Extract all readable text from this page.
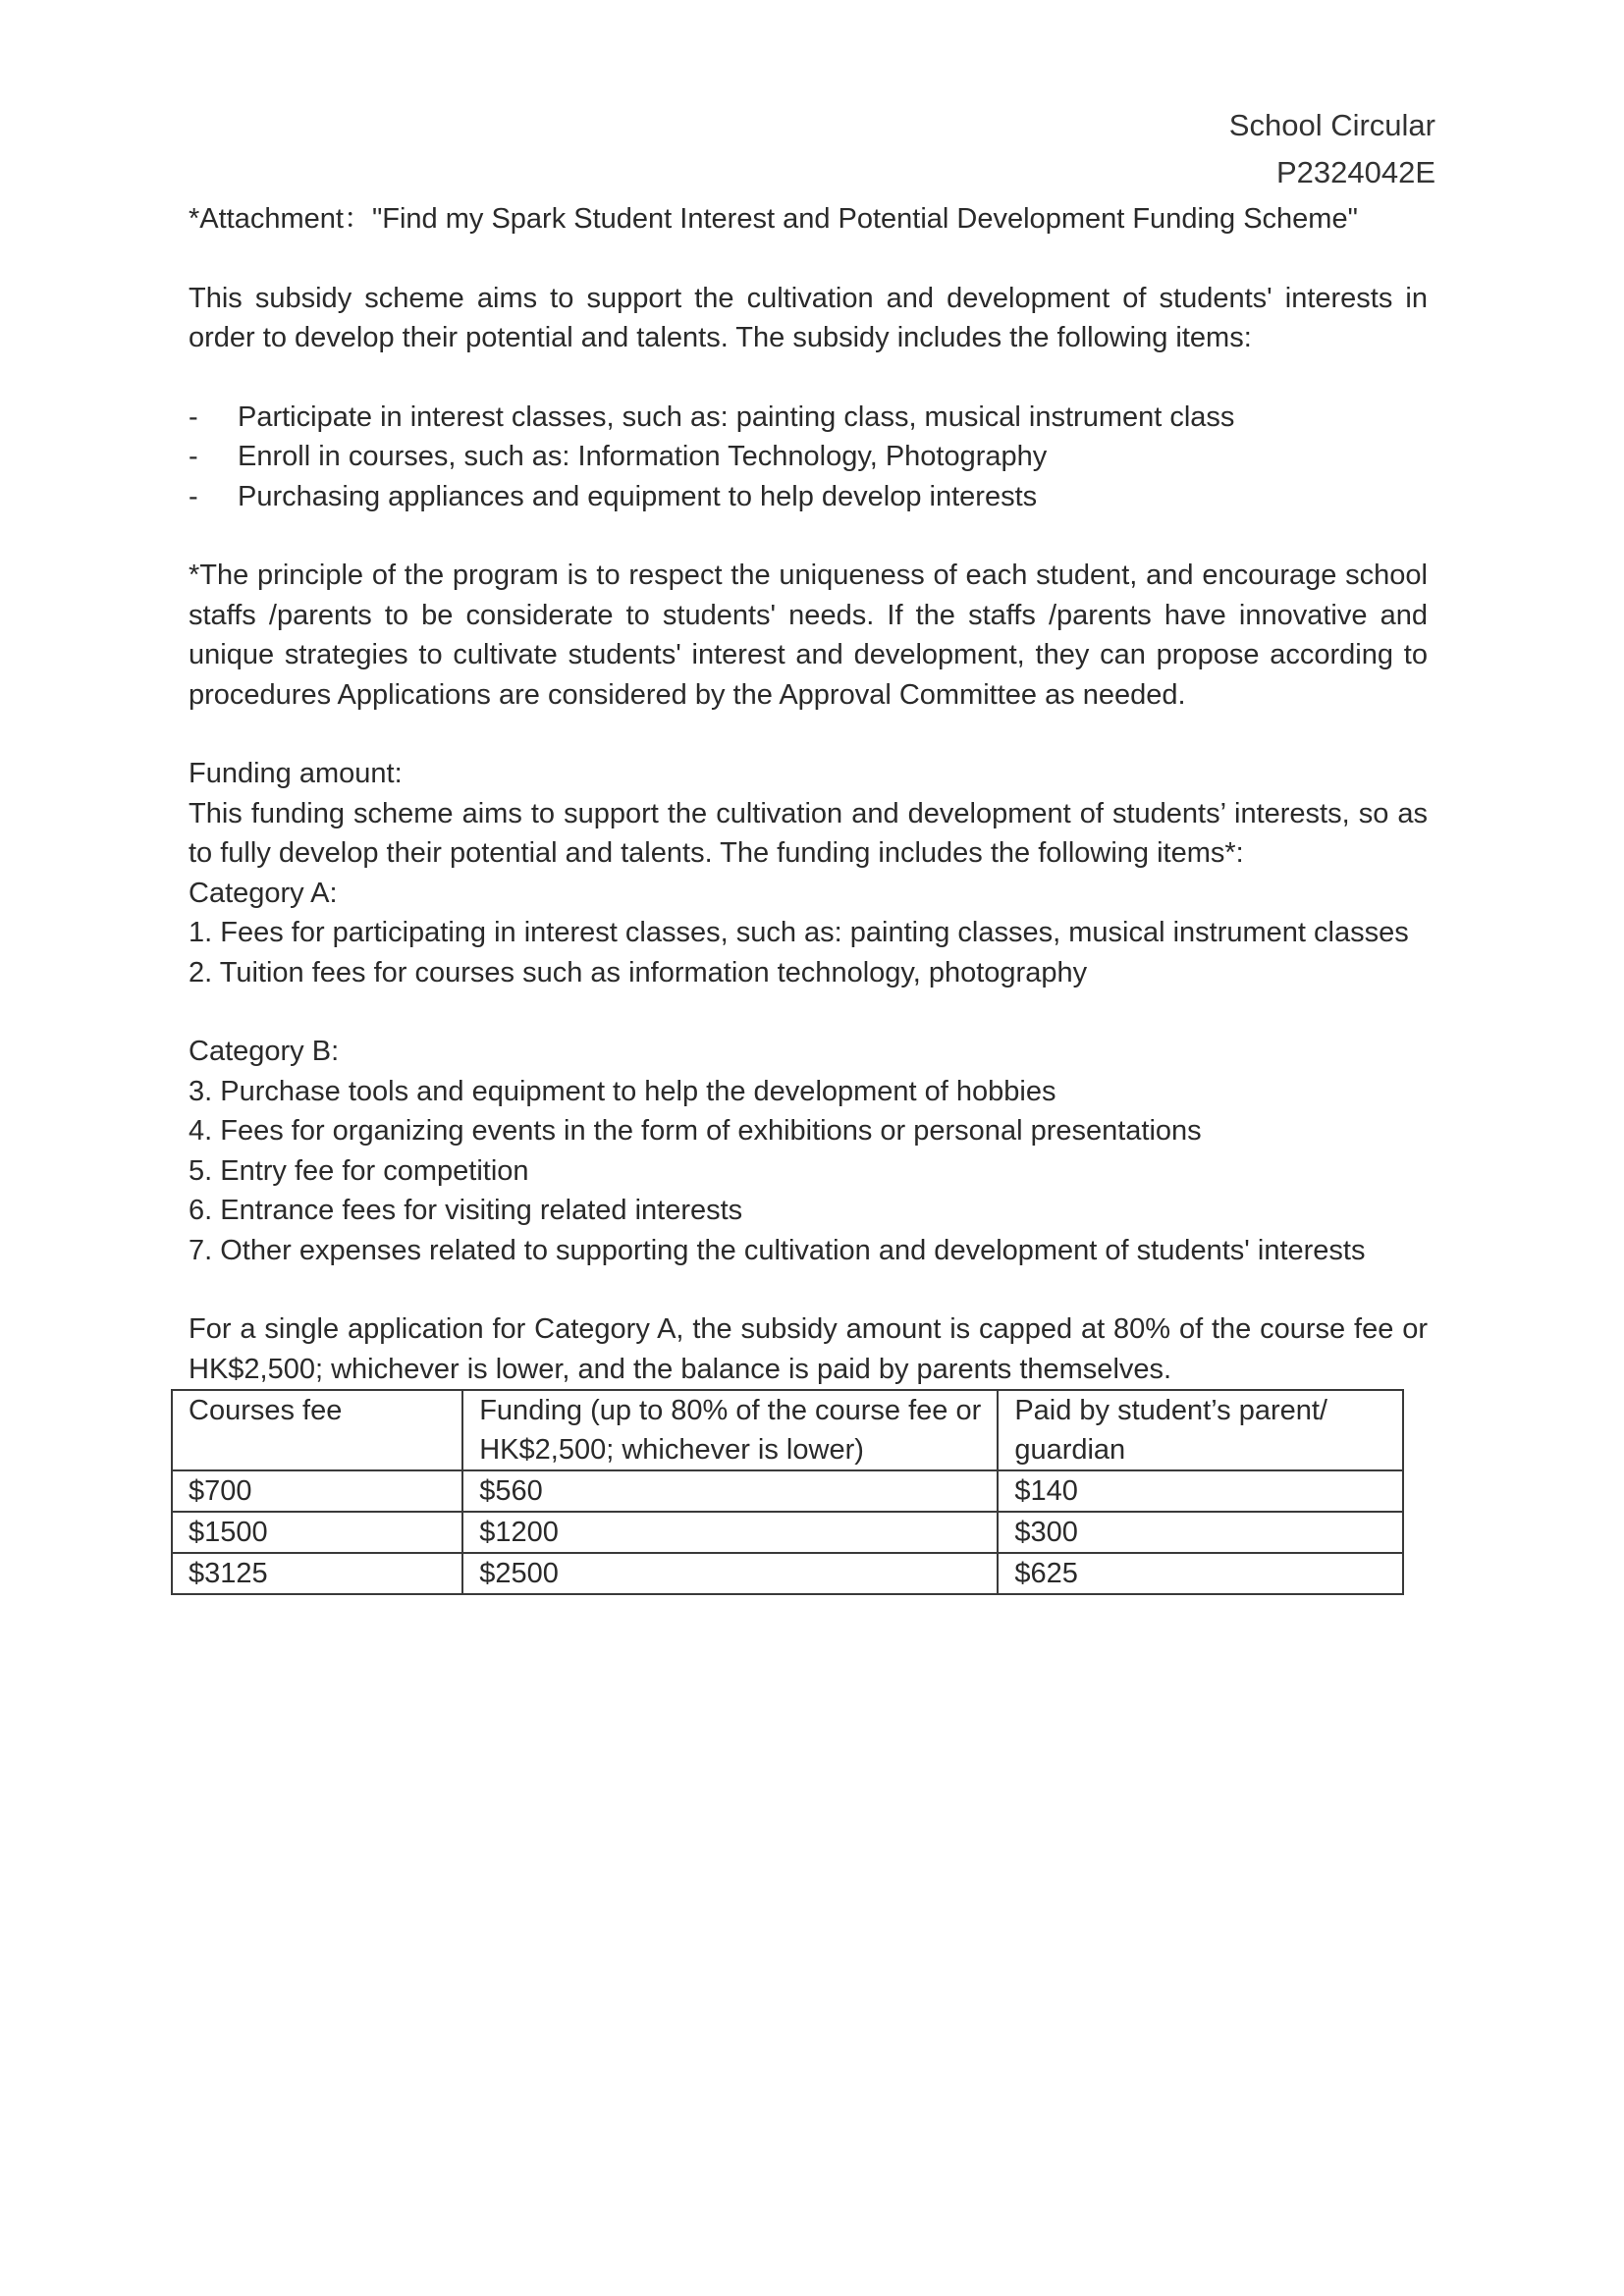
School Circular
P2324042E

*Attachment："Find my Spark Student Interest and Potential Development Funding Scheme"

This subsidy scheme aims to support the cultivation and development of students' interests in order to develop their potential and talents. The subsidy includes the following items:

-	Participate in interest classes, such as: painting class, musical instrument class
-	Enroll in courses, such as: Information Technology, Photography
-	Purchasing appliances and equipment to help develop interests

*The principle of the program is to respect the uniqueness of each student, and encourage school staffs /parents to be considerate to students' needs. If the staffs /parents have innovative and unique strategies to cultivate students' interest and development, they can propose according to procedures Applications are considered by the Approval Committee as needed.

Funding amount:

This funding scheme aims to support the cultivation and development of students’ interests, so as to fully develop their potential and talents. The funding includes the following items*:

Category A:

1. Fees for participating in interest classes, such as: painting classes, musical instrument classes

2. Tuition fees for courses such as information technology, photography

Category B:

3. Purchase tools and equipment to help the development of hobbies

4. Fees for organizing events in the form of exhibitions or personal presentations

5. Entry fee for competition

6. Entrance fees for visiting related interests

7. Other expenses related to supporting the cultivation and development of students' interests

For a single application for Category A, the subsidy amount is capped at 80% of the course fee or HK$2,500; whichever is lower, and the balance is paid by parents themselves.

Courses fee	Funding (up to 80% of the course fee or HK$2,500; whichever is lower)	Paid by student’s parent/ guardian
$700	$560	$140
$1500	$1200	$300
$3125	$2500	$625
